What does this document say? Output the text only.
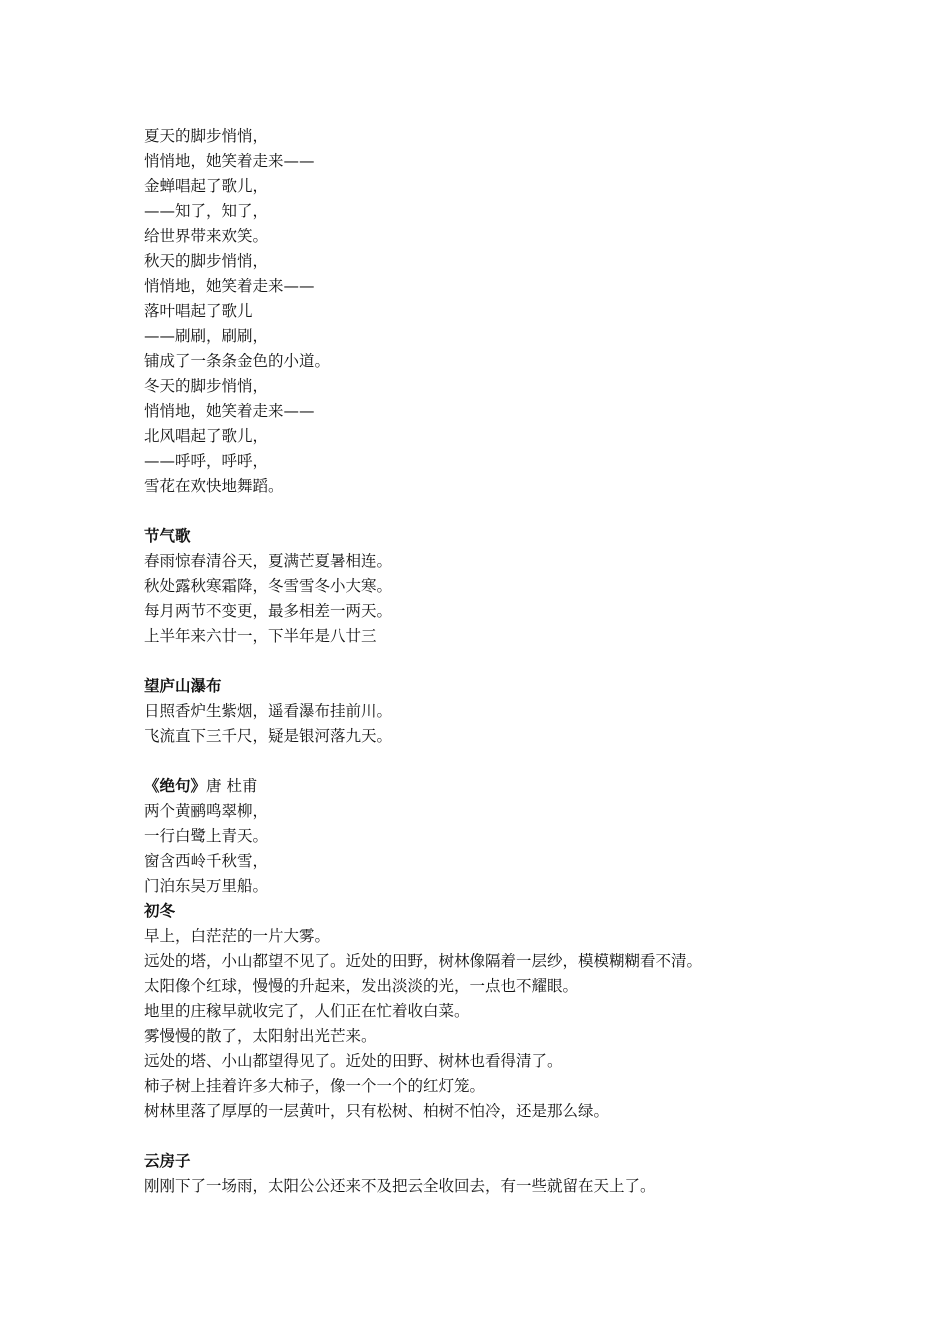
夏天的脚步悄悄，
悄悄地，她笑着走来——
金蝉唱起了歌儿，
——知了，知了，
给世界带来欢笑。
秋天的脚步悄悄，
悄悄地，她笑着走来——
落叶唱起了歌儿
——刷刷，刷刷，
铺成了一条条金色的小道。
冬天的脚步悄悄，
悄悄地，她笑着走来——
北风唱起了歌儿，
——呼呼，呼呼，
雪花在欢快地舞蹈。
节气歌
春雨惊春清谷天，夏满芒夏暑相连。
秋处露秋寒霜降，冬雪雪冬小大寒。
每月两节不变更，最多相差一两天。
上半年来六廿一，下半年是八廿三
望庐山瀑布
日照香炉生紫烟，遥看瀑布挂前川。
飞流直下三千尺，疑是银河落九天。
《绝句》唐 杜甫
两个黄鹂鸣翠柳，
一行白鹭上青天。
窗含西岭千秋雪，
门泊东吴万里船。
初冬
早上，白茫茫的一片大雾。
远处的塔，小山都望不见了。近处的田野，树林像隔着一层纱，模模糊糊看不清。
太阳像个红球，慢慢的升起来，发出淡淡的光，一点也不耀眼。
地里的庄稼早就收完了，人们正在忙着收白菜。
雾慢慢的散了，太阳射出光芒来。
远处的塔、小山都望得见了。近处的田野、树林也看得清了。
柿子树上挂着许多大柿子，像一个一个的红灯笼。
树林里落了厚厚的一层黄叶，只有松树、柏树不怕冷，还是那么绿。
云房子
刚刚下了一场雨，太阳公公还来不及把云全收回去，有一些就留在天上了。
